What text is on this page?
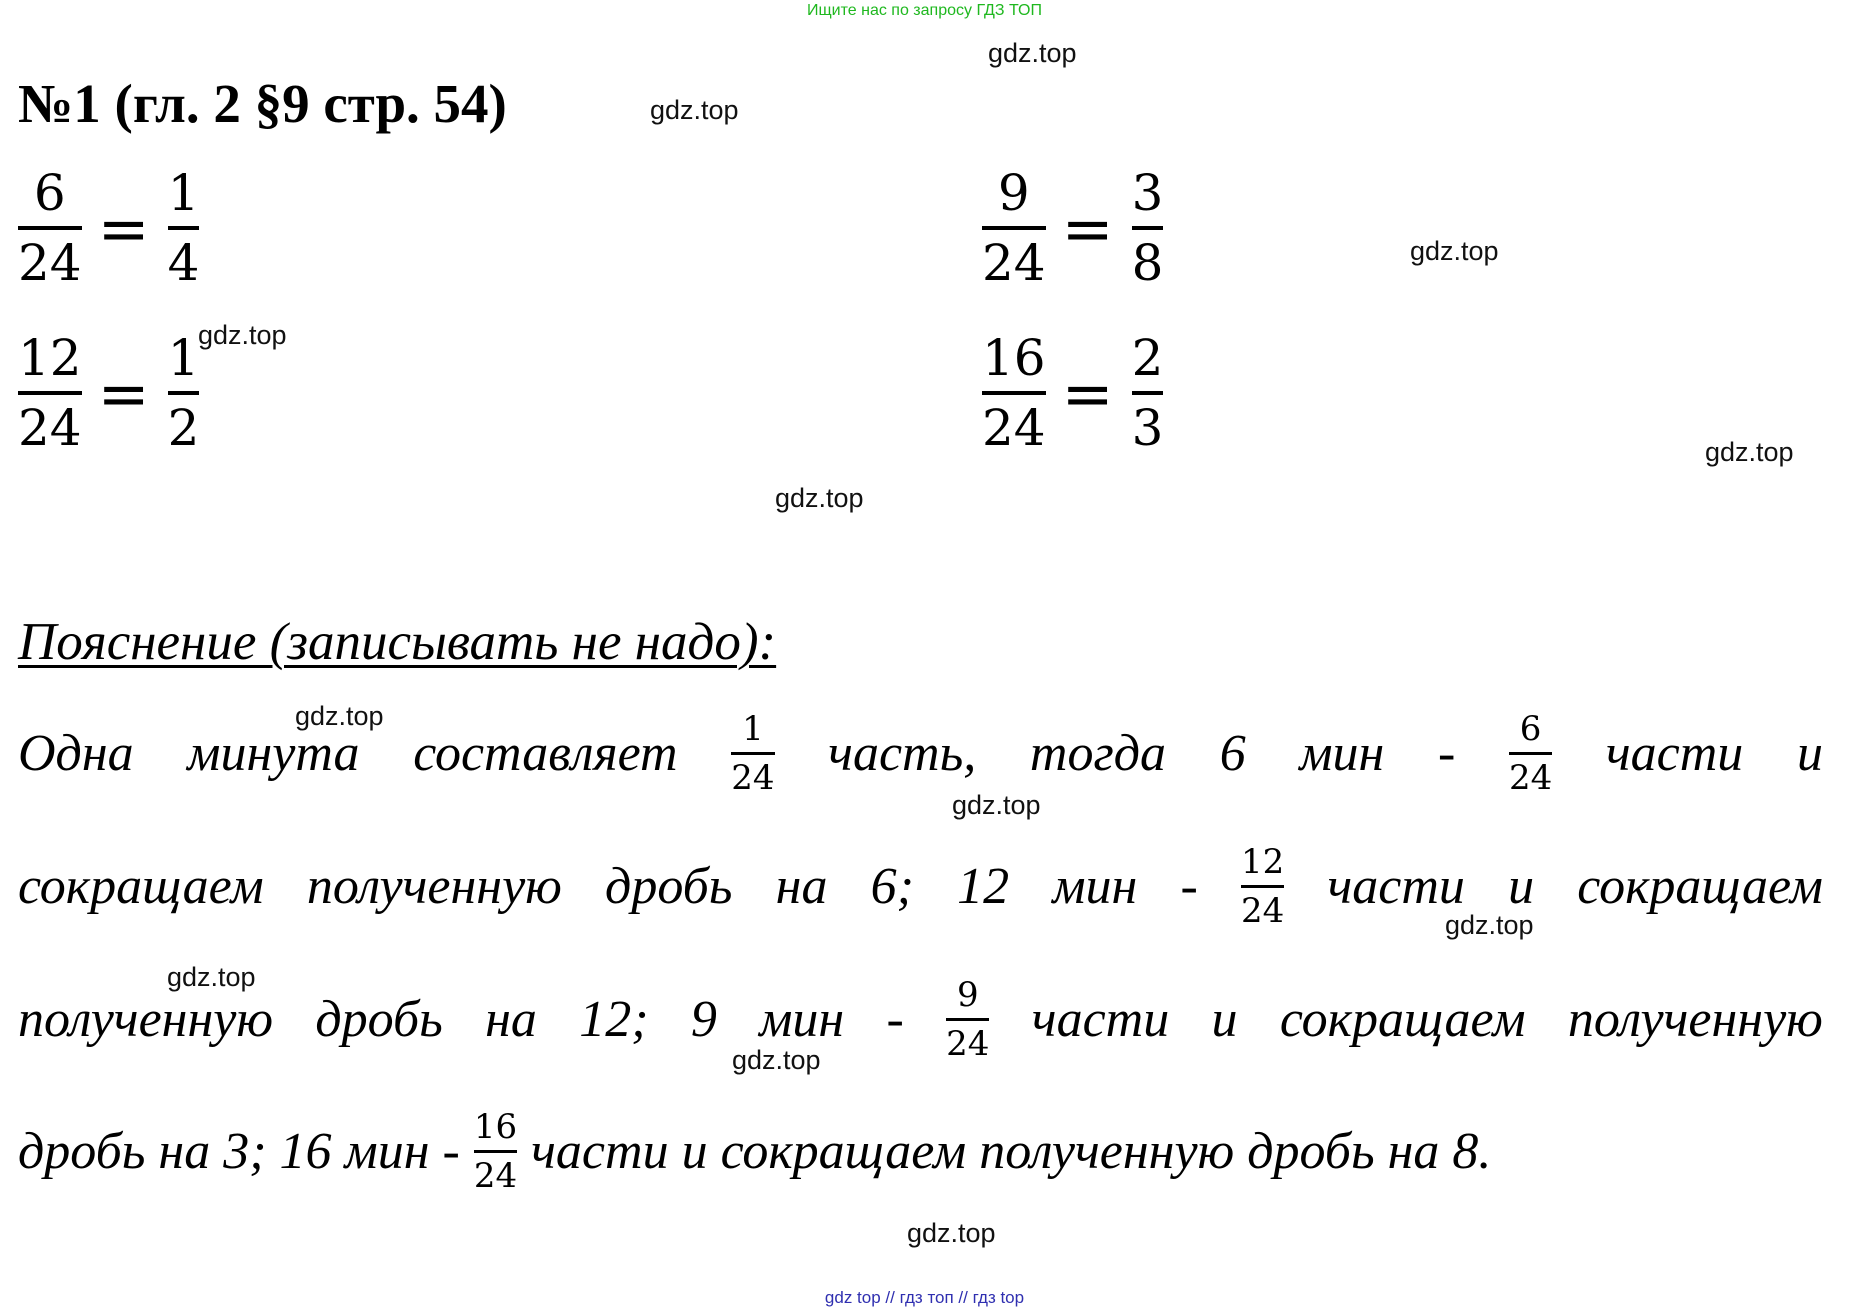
Ищите нас по запросу ГДЗ ТОП
gdz.top
gdz.top
gdz.top
gdz.top
gdz.top
gdz.top
gdz.top
gdz.top
gdz.top
gdz.top
gdz.top
gdz.top
№1 (гл. 2 §9 стр. 54)
$\frac{6}{24} = \frac{1}{4}$
$\frac{12}{24} = \frac{1}{2}$
$\frac{9}{24} = \frac{3}{8}$
$\frac{16}{24} = \frac{2}{3}$
Пояснение (записывать не надо):
Одна минута составляет $\frac{1}{24}$ часть, тогда 6 мин - $\frac{6}{24}$ части и
сокращаем полученную дробь на 6; 12 мин - $\frac{12}{24}$ части и сокращаем
полученную дробь на 12; 9 мин - $\frac{9}{24}$ части и сокращаем полученную
дробь на 3; 16 мин - $\frac{16}{24}$ части и сокращаем полученную дробь на 8.
gdz top // гдз топ // гдз top
